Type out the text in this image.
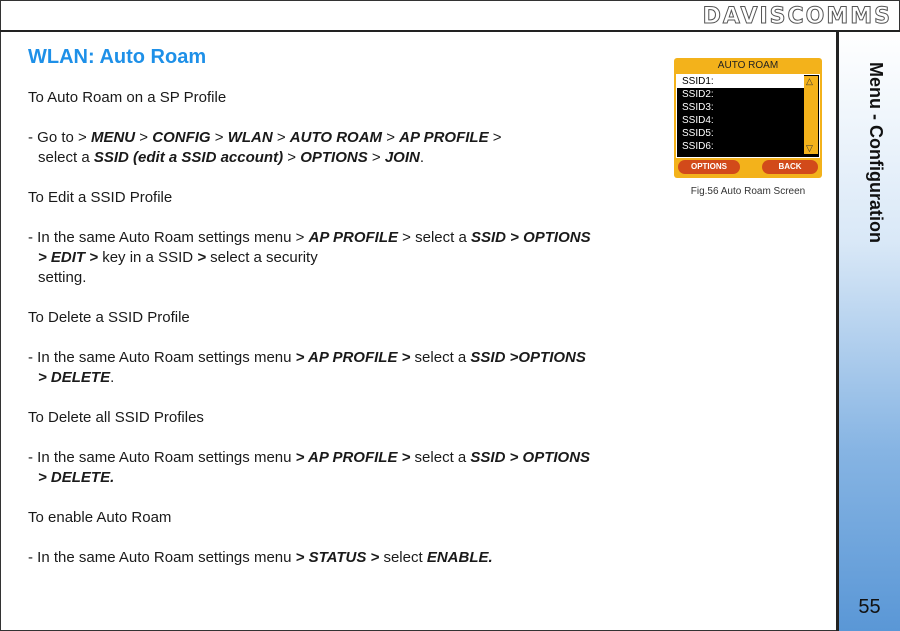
DAVISCOMMS
Menu - Configuration
55
WLAN: Auto Roam

To Auto Roam on a SP Profile

- Go to > MENU > CONFIG > WLAN > AUTO ROAM > AP PROFILE >

select a SSID (edit a SSID account) > OPTIONS > JOIN.

To Edit a SSID Profile

- In the same Auto Roam settings menu > AP PROFILE > select a SSID > OPTIONS

> EDIT > key in a SSID > select a security

setting.

To Delete a SSID Profile

- In the same Auto Roam settings menu > AP PROFILE > select a SSID >OPTIONS

> DELETE.

To Delete all SSID Profiles

- In the same Auto Roam settings menu > AP PROFILE > select a SSID > OPTIONS

> DELETE.

To enable Auto Roam

- In the same Auto Roam settings menu > STATUS > select ENABLE.

AUTO ROAM
SSID1:
SSID2:
SSID3:
SSID4:
SSID5:
SSID6:
△
▽
OPTIONS	BACK
Fig.56 Auto Roam Screen
